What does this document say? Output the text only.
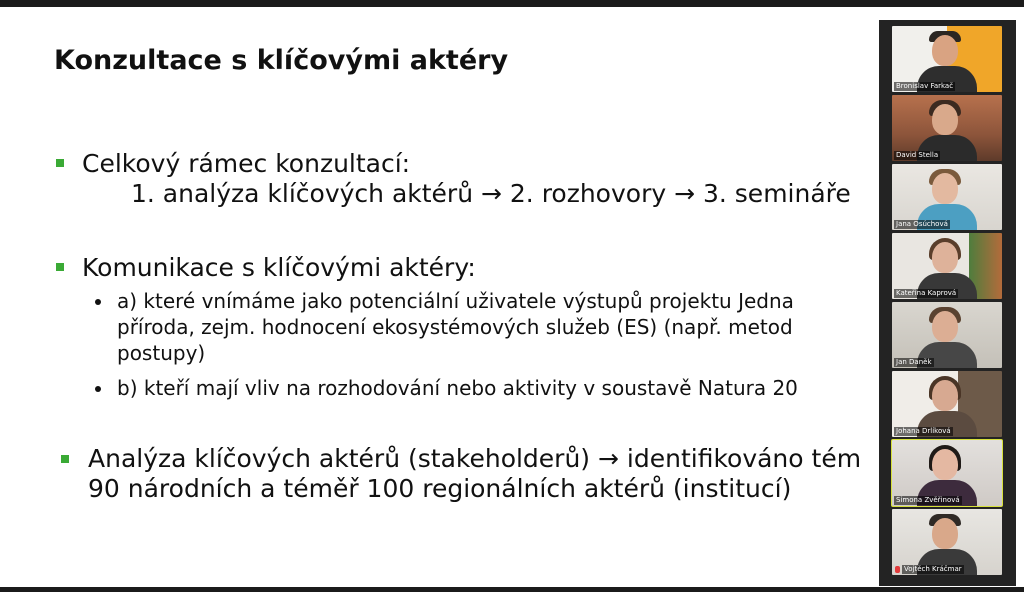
Konzultace s klíčovými aktéry
Celkový rámec konzultací:
1. analýza klíčových aktérů → 2. rozhovory → 3. semináře
Komunikace s klíčovými aktéry:
a) které vnímáme jako potenciální uživatele výstupů projektu Jedna
příroda, zejm. hodnocení ekosystémových služeb (ES) (např. metod
postupy)
b) kteří mají vliv na rozhodování nebo aktivity v soustavě Natura 20
Analýza klíčových aktérů (stakeholderů) → identifikováno tém
90 národních a téměř 100 regionálních aktérů (institucí)
Bronislav Farkač
David Stella
Jana Osúchová
Kateřina Kaprová
Jan Daněk
Johana Drlíková
Simona Zvěřinová
Vojtěch Kráčmar
